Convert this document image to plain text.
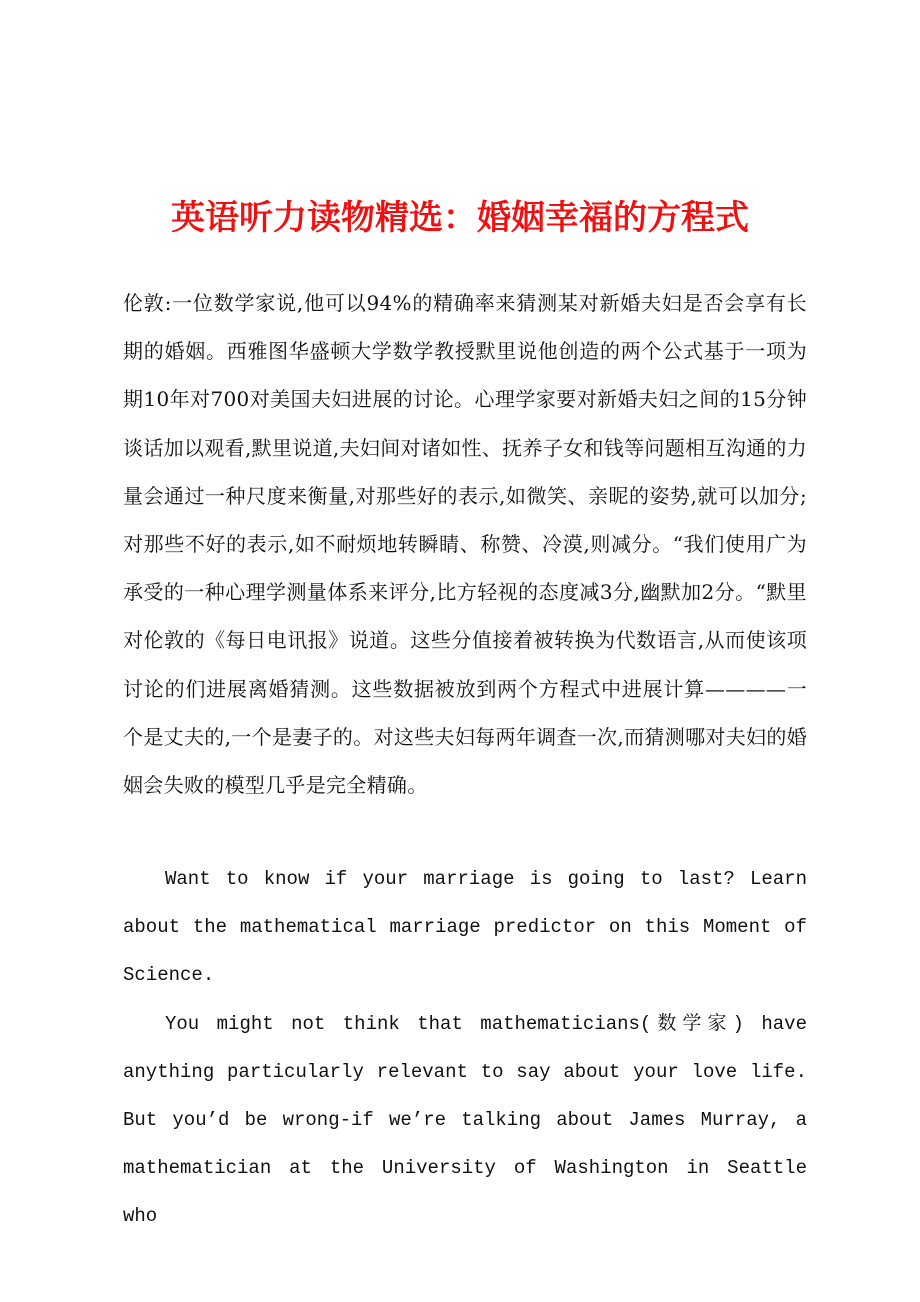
英语听力读物精选：婚姻幸福的方程式

伦敦:一位数学家说,他可以94%的精确率来猜测某对新婚夫妇是否会享有长期的婚姻。西雅图华盛顿大学数学教授默里说他创造的两个公式基于一项为期10年对700对美国夫妇进展的讨论。心理学家要对新婚夫妇之间的15分钟谈话加以观看,默里说道,夫妇间对诸如性、抚养子女和钱等问题相互沟通的力量会通过一种尺度来衡量,对那些好的表示,如微笑、亲昵的姿势,就可以加分;对那些不好的表示,如不耐烦地转瞬睛、称赞、冷漠,则减分。“我们使用广为承受的一种心理学测量体系来评分,比方轻视的态度减3分,幽默加2分。“默里对伦敦的《每日电讯报》说道。这些分值接着被转换为代数语言,从而使该项讨论的们进展离婚猜测。这些数据被放到两个方程式中进展计算————一个是丈夫的,一个是妻子的。对这些夫妇每两年调查一次,而猜测哪对夫妇的婚姻会失败的模型几乎是完全精确。

Want to know if your marriage is going to last? Learn about the mathematical marriage predictor on this Moment of Science.

You might not think that mathematicians(数学家) have anything particularly relevant to say about your love life. But you’d be wrong-if we’re talking about James Murray, a mathematician at the University of Washington in Seattle who
